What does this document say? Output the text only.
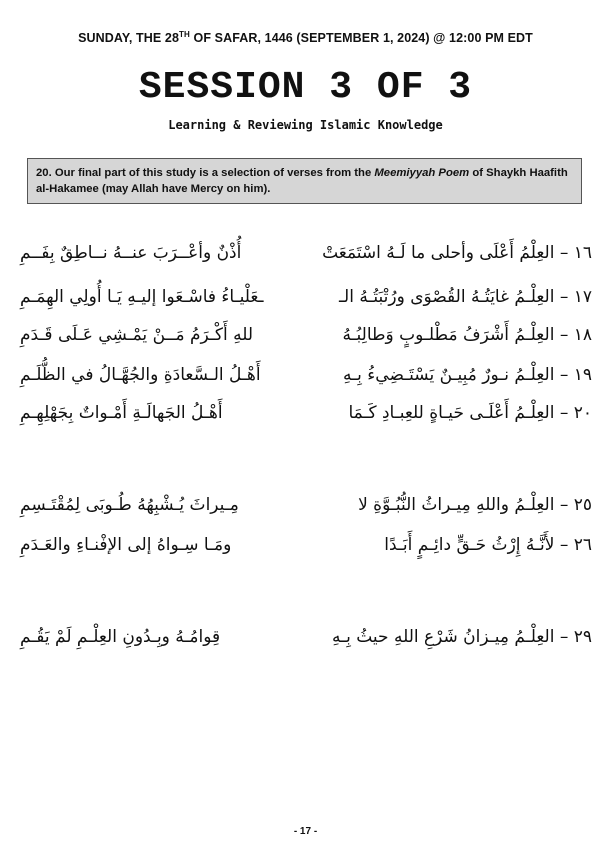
SUNDAY, THE 28TH OF SAFAR, 1446 (SEPTEMBER 1, 2024) @ 12:00 PM EDT
SESSION 3 OF 3
Learning & Reviewing Islamic Knowledge
20. Our final part of this study is a selection of verses from the Meemiyyah Poem of Shaykh Haafith al-Hakamee (may Allah have Mercy on him).
١٦ – العِلْمُ أَعْلَى وأحلى ما لَـهُ اسْتَمَعَتْ
أُذْنٌ وأعْــرَبَ عنــهُ نــاطِقٌ بِفَــمِ
١٧ – العِلْـمُ غايَتُـهُ القُصْوَى ورُتْبَتُـهُ الـ
ـعَلْيـاءُ فاسْـعَوا إليـهِ يَـا أُولِي الهِمَـمِ
١٨ – العِلْـمُ أَشْرَفُ مَطْلـوبٍ وَطالِبُـهُ
للهِ أَكْـرَمُ مَــنْ يَمْـشِي عَـلَى قَـدَمِ
١٩ – العِلْـمُ نـورٌ مُبِيـنٌ يَسْتَـضِيءُ بِـهِ
أَهْـلُ الـسَّعادَةِ والجُهَّـالُ في الظُّلَـمِ
٢٠ – العِلْـمُ أَعْلَـى حَيـاةٍ للعِبـادِ كَـمَا
أَهْـلُ الجَهالَـةِ أَمْـواتٌ بِجَهْلِهِـمِ
٢٥ – العِلْـمُ واللهِ مِيـراثُ النُّبُـوَّةِ لا
مِـيراثَ يُـشْبِهُهُ طُـوبَى لِمُقْتَـسِمِ
٢٦ – لأَنَّـهُ إِرْثُ حَـقٍّ دائِـمٍ أَبَـدًا
ومَـا سِـواهُ إلى الإفْنـاءِ والعَـدَمِ
٢٩ – العِلْـمُ مِيـزانُ شَرْعِ اللهِ حيثُ بِـهِ
قِوامُـهُ وبِـدُونِ العِلْـمِ لَمْ يَقُـمِ
- 17 -
